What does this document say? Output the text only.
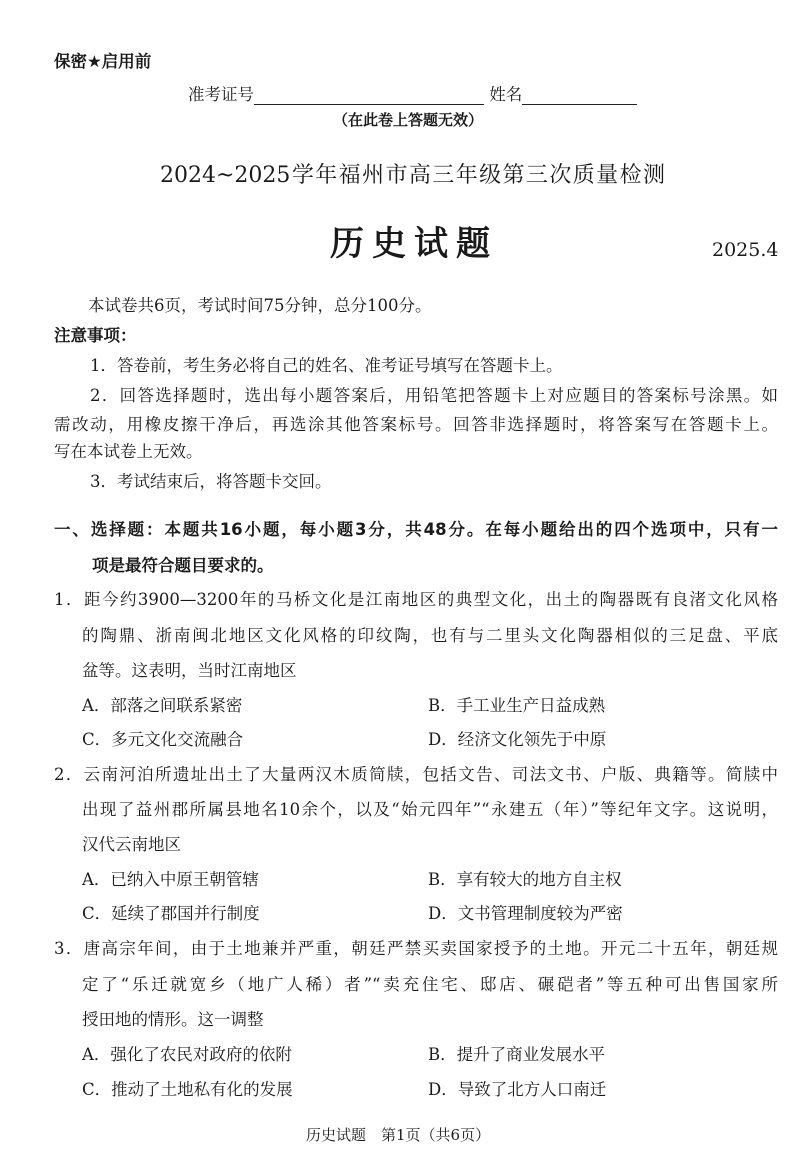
保密★启用前
准考证号	姓名
（在此卷上答题无效）
2024~2025学年福州市高三年级第三次质量检测
历史试题	2025.4
本试卷共6页，考试时间75分钟，总分100分。
注意事项：
1．答卷前，考生务必将自己的姓名、准考证号填写在答题卡上。
2．回答选择题时，选出每小题答案后，用铅笔把答题卡上对应题目的答案标号涂黑。如
需改动，用橡皮擦干净后，再选涂其他答案标号。回答非选择题时，将答案写在答题卡上。
写在本试卷上无效。
3．考试结束后，将答题卡交回。
一、选择题：本题共16小题，每小题3分，共48分。在每小题给出的四个选项中，只有一
项是最符合题目要求的。
1．距今约3900—3200年的马桥文化是江南地区的典型文化，出土的陶器既有良渚文化风格
的陶鼎、浙南闽北地区文化风格的印纹陶，也有与二里头文化陶器相似的三足盘、平底
盆等。这表明，当时江南地区
A．部落之间联系紧密	B．手工业生产日益成熟
C．多元文化交流融合	D．经济文化领先于中原
2．云南河泊所遗址出土了大量两汉木质简牍，包括文告、司法文书、户版、典籍等。简牍中
出现了益州郡所属县地名10余个，以及“始元四年”“永建五（年）”等纪年文字。这说明，
汉代云南地区
A．已纳入中原王朝管辖	B．享有较大的地方自主权
C．延续了郡国并行制度	D．文书管理制度较为严密
3．唐高宗年间，由于土地兼并严重，朝廷严禁买卖国家授予的土地。开元二十五年，朝廷规
定了“乐迁就宽乡（地广人稀）者”“卖充住宅、邸店、碾硙者”等五种可出售国家所
授田地的情形。这一调整
A．强化了农民对政府的依附	B．提升了商业发展水平
C．推动了土地私有化的发展	D．导致了北方人口南迁
历史试题　第1页（共6页）
